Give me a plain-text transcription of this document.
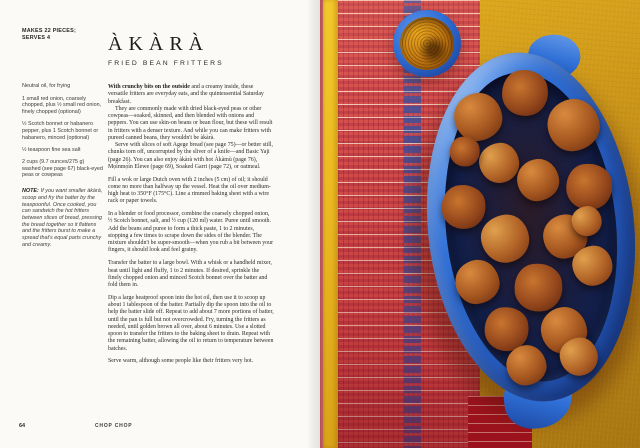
MAKES 22 PIECES;
SERVES 4
Neutral oil, for frying
1 small red onion, coarsely chopped, plus ½ small red onion, finely chopped (optional)
½ Scotch bonnet or habanero pepper, plus 1 Scotch bonnet or habanero, minced (optional)
½ teaspoon fine sea salt
2 cups (9.7 ounces/275 g) washed (see page 67) black-eyed peas or cowpeas

NOTE: If you want smaller àkàrà, scoop and fry the batter by the teaspoonful. Once cooked, you can sandwich the hot fritters between slices of bread, pressing the bread together so it flattens and the fritters burst to make a spread that's equal parts crunchy and creamy.

ÀKÀRÀ
FRIED BEAN FRITTERS

With crunchy bits on the outside and a creamy inside, these versatile fritters are everyday eats, and the quintessential Saturday breakfast.

They are commonly made with dried black-eyed peas or other cowpeas—soaked, skinned, and then blended with onions and peppers. You can use skin-on beans or bean flour, but these will result in fritters with a denser texture. And while you can make fritters with pureed canned beans, they wouldn't be àkàrà.

Serve with slices of soft Agege bread (see page 75)—or better still, chunks torn off, uncorrupted by the sliver of a knife—and Basic Yaji (page 26). You can also enjoy àkàrà with hot Àkàmù (page 76), Mọ́ínmọ́ín Elewe (page 69), Soaked Garri (page 72), or oatmeal.

Fill a wok or large Dutch oven with 2 inches (5 cm) of oil; it should come no more than halfway up the vessel. Heat the oil over medium-high heat to 350°F (175°C). Line a rimmed baking sheet with a wire rack or paper towels.

In a blender or food processor, combine the coarsely chopped onion, ½ Scotch bonnet, salt, and ½ cup (120 ml) water. Puree until smooth. Add the beans and puree to form a thick paste, 1 to 2 minutes, stopping a few times to scrape down the sides of the blender. The mixture shouldn't be super-smooth—when you rub a bit between your fingers, it should look and feel grainy.

Transfer the batter to a large bowl. With a whisk or a handheld mixer, beat until light and fluffy, 1 to 2 minutes. If desired, sprinkle the finely chopped onion and minced Scotch bonnet over the batter and fold them in.

Dip a large heatproof spoon into the hot oil, then use it to scoop up about 1 tablespoon of the batter. Partially dip the spoon into the oil to help the batter slide off. Repeat to add about 7 more portions of batter, until the pan is full but not overcrowded. Fry, turning the fritters as needed, until golden brown all over, about 6 minutes. Use a slotted spoon to transfer the fritters to the baking sheet to drain. Repeat with the remaining batter, allowing the oil to return to temperature between batches.

Serve warm, although some people like their fritters very hot.

64	CHOP CHOP
